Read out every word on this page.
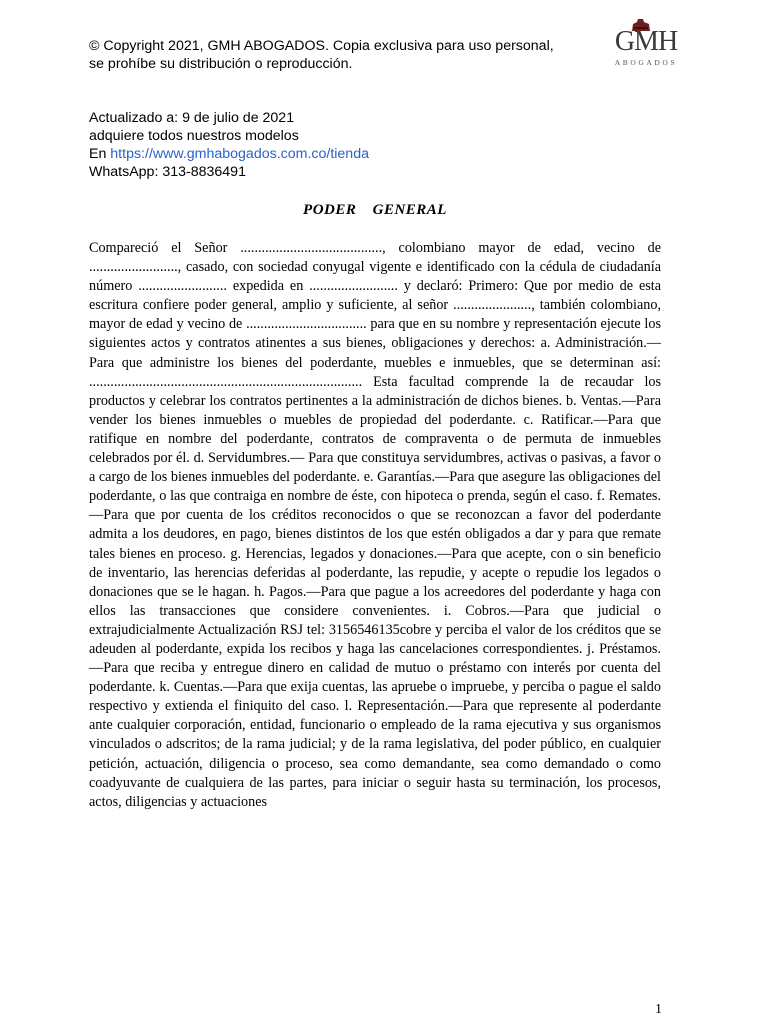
© Copyright 2021, GMH ABOGADOS. Copia exclusiva para uso personal, se prohíbe su distribución o reproducción.
GMH
ABOGADOS
Actualizado a: 9 de julio de 2021
adquiere todos nuestros modelos
En https://www.gmhabogados.com.co/tienda
WhatsApp: 313-8836491
PODER GENERAL
Compareció el Señor ........................................, colombiano mayor de edad, vecino de ........................., casado, con sociedad conyugal vigente e identificado con la cédula de ciudadanía número ......................... expedida en ......................... y declaró: Primero: Que por medio de esta escritura confiere poder general, amplio y suficiente, al señor ......................, también colombiano, mayor de edad y vecino de .................................. para que en su nombre y representación ejecute los siguientes actos y contratos atinentes a sus bienes, obligaciones y derechos: a. Administración.— Para que administre los bienes del poderdante, muebles e inmuebles, que se determinan así: ............................................................................. Esta facultad comprende la de recaudar los productos y celebrar los contratos pertinentes a la administración de dichos bienes. b. Ventas.—Para vender los bienes inmuebles o muebles de propiedad del poderdante. c. Ratificar.—Para que ratifique en nombre del poderdante, contratos de compraventa o de permuta de inmuebles celebrados por él. d. Servidumbres.— Para que constituya servidumbres, activas o pasivas, a favor o a cargo de los bienes inmuebles del poderdante. e. Garantías.—Para que asegure las obligaciones del poderdante, o las que contraiga en nombre de éste, con hipoteca o prenda, según el caso. f. Remates.—Para que por cuenta de los créditos reconocidos o que se reconozcan a favor del poderdante admita a los deudores, en pago, bienes distintos de los que estén obligados a dar y para que remate tales bienes en proceso. g. Herencias, legados y donaciones.—Para que acepte, con o sin beneficio de inventario, las herencias deferidas al poderdante, las repudie, y acepte o repudie los legados o donaciones que se le hagan. h. Pagos.—Para que pague a los acreedores del poderdante y haga con ellos las transacciones que considere convenientes. i. Cobros.—Para que judicial o extrajudicialmente Actualización RSJ tel: 3156546135cobre y perciba el valor de los créditos que se adeuden al poderdante, expida los recibos y haga las cancelaciones correspondientes. j. Préstamos.—Para que reciba y entregue dinero en calidad de mutuo o préstamo con interés por cuenta del poderdante. k. Cuentas.—Para que exija cuentas, las apruebe o impruebe, y perciba o pague el saldo respectivo y extienda el finiquito del caso. l. Representación.—Para que represente al poderdante ante cualquier corporación, entidad, funcionario o empleado de la rama ejecutiva y sus organismos vinculados o adscritos; de la rama judicial; y de la rama legislativa, del poder público, en cualquier petición, actuación, diligencia o proceso, sea como demandante, sea como demandado o como coadyuvante de cualquiera de las partes, para iniciar o seguir hasta su terminación, los procesos, actos, diligencias y actuaciones
1
